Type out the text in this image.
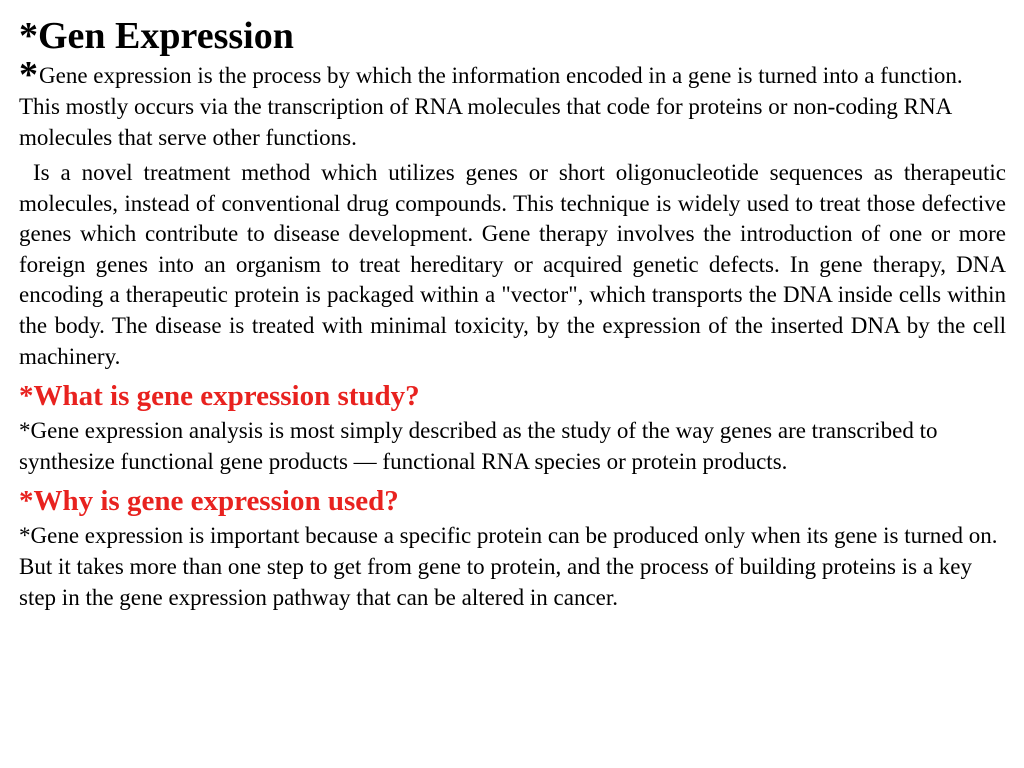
*Gen Expression

*Gene expression is the process by which the information encoded in a gene is turned into a function. This mostly occurs via the transcription of RNA molecules that code for proteins or non-coding RNA molecules that serve other functions.

Is a novel treatment method which utilizes genes or short oligonucleotide sequences as therapeutic molecules, instead of conventional drug compounds. This technique is widely used to treat those defective genes which contribute to disease development. Gene therapy involves the introduction of one or more foreign genes into an organism to treat hereditary or acquired genetic defects. In gene therapy, DNA encoding a therapeutic protein is packaged within a "vector", which transports the DNA inside cells within the body. The disease is treated with minimal toxicity, by the expression of the inserted DNA by the cell machinery.

*What is gene expression study?

*Gene expression analysis is most simply described as the study of the way genes are transcribed to synthesize functional gene products — functional RNA species or protein products.

*Why is gene expression used?

*Gene expression is important because a specific protein can be produced only when its gene is turned on. But it takes more than one step to get from gene to protein, and the process of building proteins is a key step in the gene expression pathway that can be altered in cancer.
